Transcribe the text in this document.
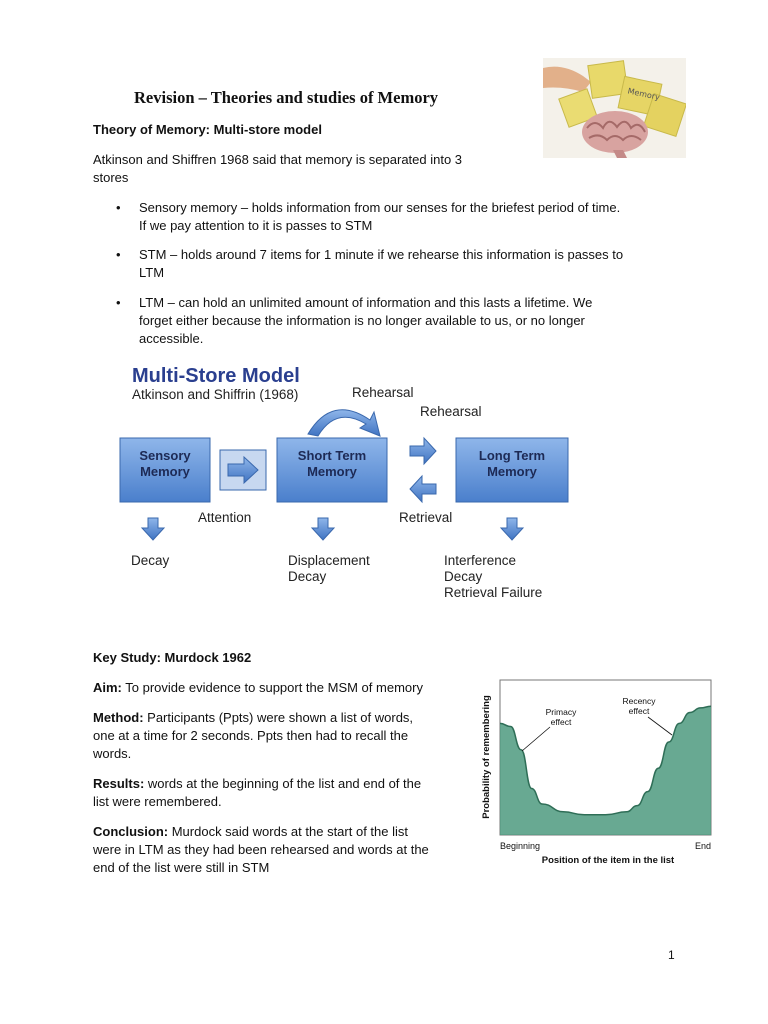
Revision – Theories and studies of Memory	Memory
Theory of Memory: Multi-store model
Atkinson and Shiffren 1968 said that memory is separated into 3
stores
• Sensory memory – holds information from our senses for the briefest period of time.
If we pay attention to it is passes to STM
• STM – holds around 7 items for 1 minute if we rehearse this information is passes to
LTM
• LTM – can hold an unlimited amount of information and this lasts a lifetime. We
forget either because the information is no longer available to us, or no longer
accessible.
Multi-Store Model
Atkinson and Shiffrin (1968)
Sensory
Memory
Short Term
Memory
Long Term
Memory
Rehearsal
Rehearsal
Attention	Retrieval
Decay	Displacement
Decay
Interference
Decay
Retrieval Failure
Key Study: Murdock 1962
Aim: To provide evidence to support the MSM of memory
Method: Participants (Ppts) were shown a list of words,
one at a time for 2 seconds. Ppts then had to recall the
words.
Results: words at the beginning of the list and end of the
list were remembered.
Conclusion: Murdock said words at the start of the list
were in LTM as they had been rehearsed and words at the
end of the list were still in STM
Probability of remembering
Beginning	End
Position of the item in the list
Primacy
effect
Recency
effect
1
